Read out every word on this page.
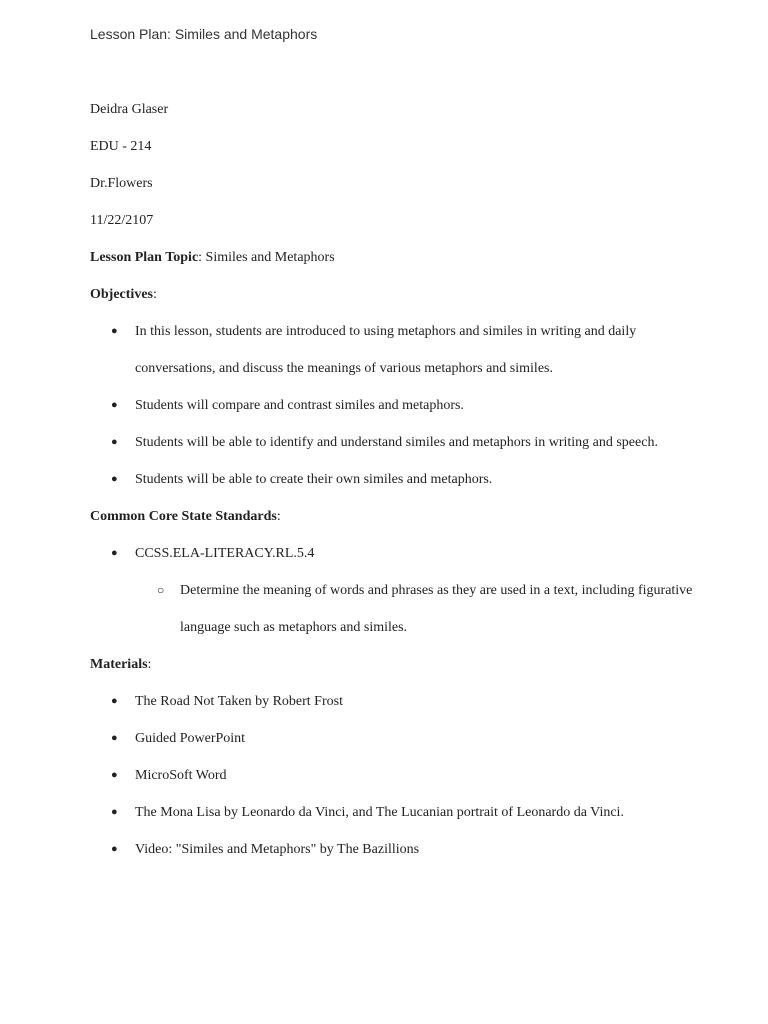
Lesson Plan: Similes and Metaphors

Deidra Glaser

EDU - 214

Dr.Flowers

11/22/2107

Lesson Plan Topic: Similes and Metaphors

Objectives:

● In this lesson, students are introduced to using metaphors and similes in writing and daily conversations, and discuss the meanings of various metaphors and similes.
● Students will compare and contrast similes and metaphors.
● Students will be able to identify and understand similes and metaphors in writing and speech.
● Students will be able to create their own similes and metaphors.

Common Core State Standards:

● CCSS.ELA-LITERACY.RL.5.4
○ Determine the meaning of words and phrases as they are used in a text, including figurative language such as metaphors and similes.

Materials:

● The Road Not Taken by Robert Frost
● Guided PowerPoint
● MicroSoft Word
● The Mona Lisa by Leonardo da Vinci, and The Lucanian portrait of Leonardo da Vinci.
● Video: "Similes and Metaphors" by The Bazillions
